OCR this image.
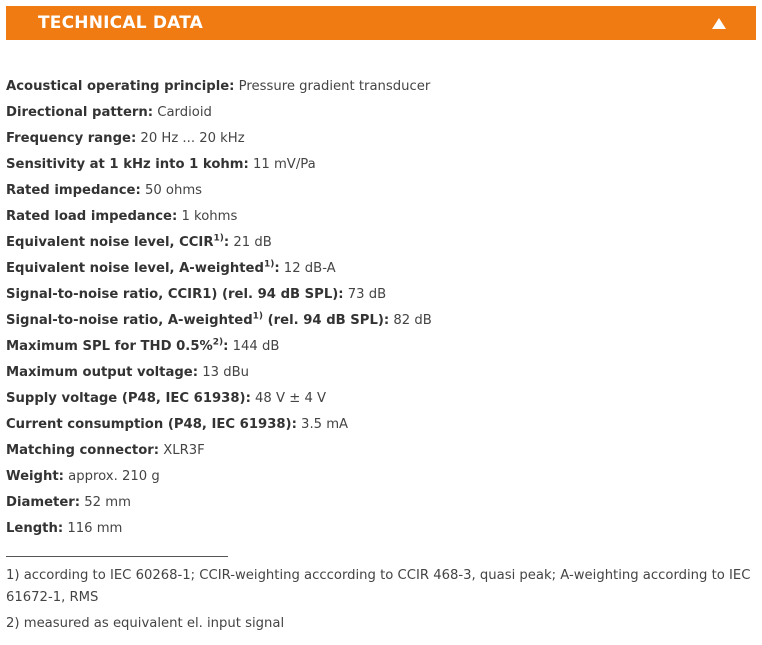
TECHNICAL DATA
Acoustical operating principle: Pressure gradient transducer
Directional pattern: Cardioid
Frequency range: 20 Hz ... 20 kHz
Sensitivity at 1 kHz into 1 kohm: 11 mV/Pa
Rated impedance: 50 ohms
Rated load impedance: 1 kohms
Equivalent noise level, CCIR$^{1)}$: 21 dB
Equivalent noise level, A-weighted$^{1)}$: 12 dB-A
Signal-to-noise ratio, CCIR1) (rel. 94 dB SPL): 73 dB
Signal-to-noise ratio, A-weighted$^{1)}$ (rel. 94 dB SPL): 82 dB
Maximum SPL for THD 0.5%$^{2)}$: 144 dB
Maximum output voltage: 13 dBu
Supply voltage (P48, IEC 61938): 48 V ± 4 V
Current consumption (P48, IEC 61938): 3.5 mA
Matching connector: XLR3F
Weight: approx. 210 g
Diameter: 52 mm
Length: 116 mm
1) according to IEC 60268-1; CCIR-weighting acccording to CCIR 468-3, quasi peak; A-weighting according to IEC 61672-1, RMS
2) measured as equivalent el. input signal
